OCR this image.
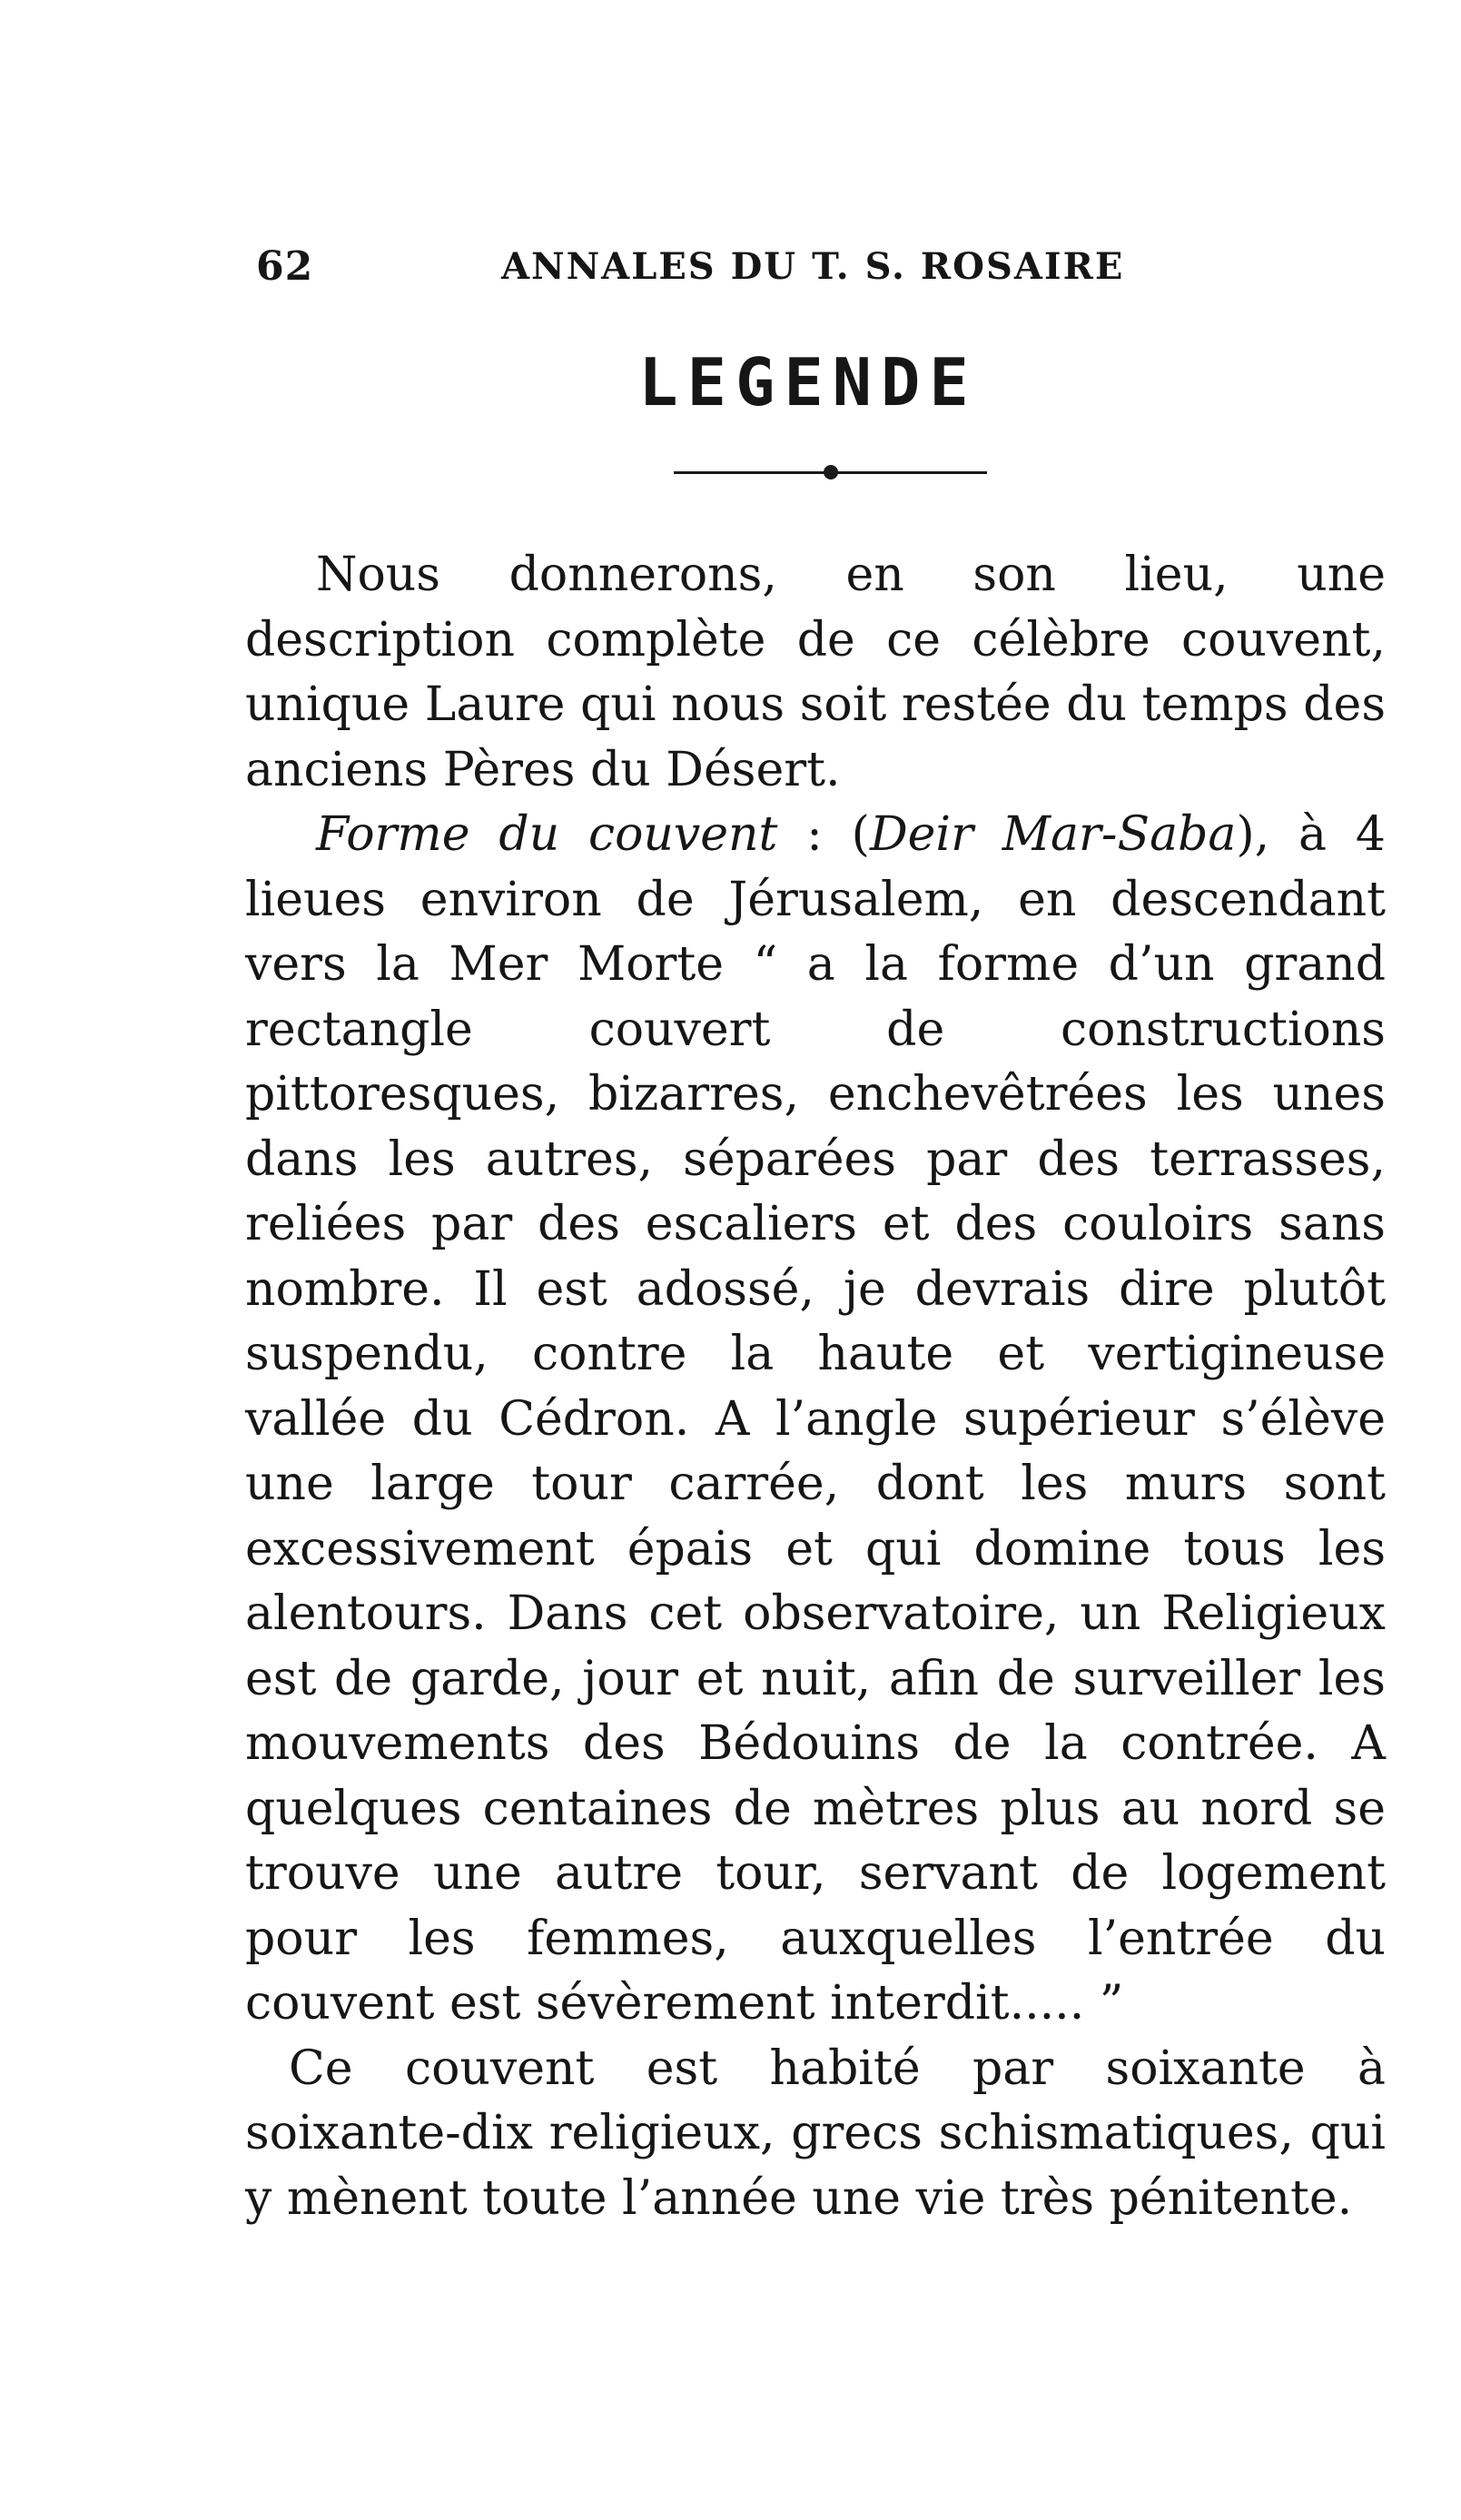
62	ANNALES DU T. S. ROSAIRE
LEGENDE

Nous donnerons, en son lieu, une description complète de ce célèbre couvent, unique Laure qui nous soit restée du temps des anciens Pères du Désert.

Forme du couvent : (Deir Mar-Saba), à 4 lieues environ de Jérusalem, en descendant vers la Mer Morte “ a la forme d’un grand rectangle couvert de constructions pittoresques, bizarres, enchevêtrées les unes dans les autres, séparées par des terrasses, reliées par des escaliers et des couloirs sans nombre. Il est adossé, je devrais dire plutôt suspendu, contre la haute et vertigineuse vallée du Cédron. A l’angle supérieur s’élève une large tour carrée, dont les murs sont excessivement épais et qui domine tous les alentours. Dans cet observatoire, un Religieux est de garde, jour et nuit, afin de surveiller les mouvements des Bédouins de la contrée. A quelques centaines de mètres plus au nord se trouve une autre tour, servant de logement pour les femmes, auxquelles l’entrée du couvent est sévèrement interdit..... ”

Ce couvent est habité par soixante à soixante-dix religieux, grecs schismatiques, qui y mènent toute l’année une vie très pénitente.
